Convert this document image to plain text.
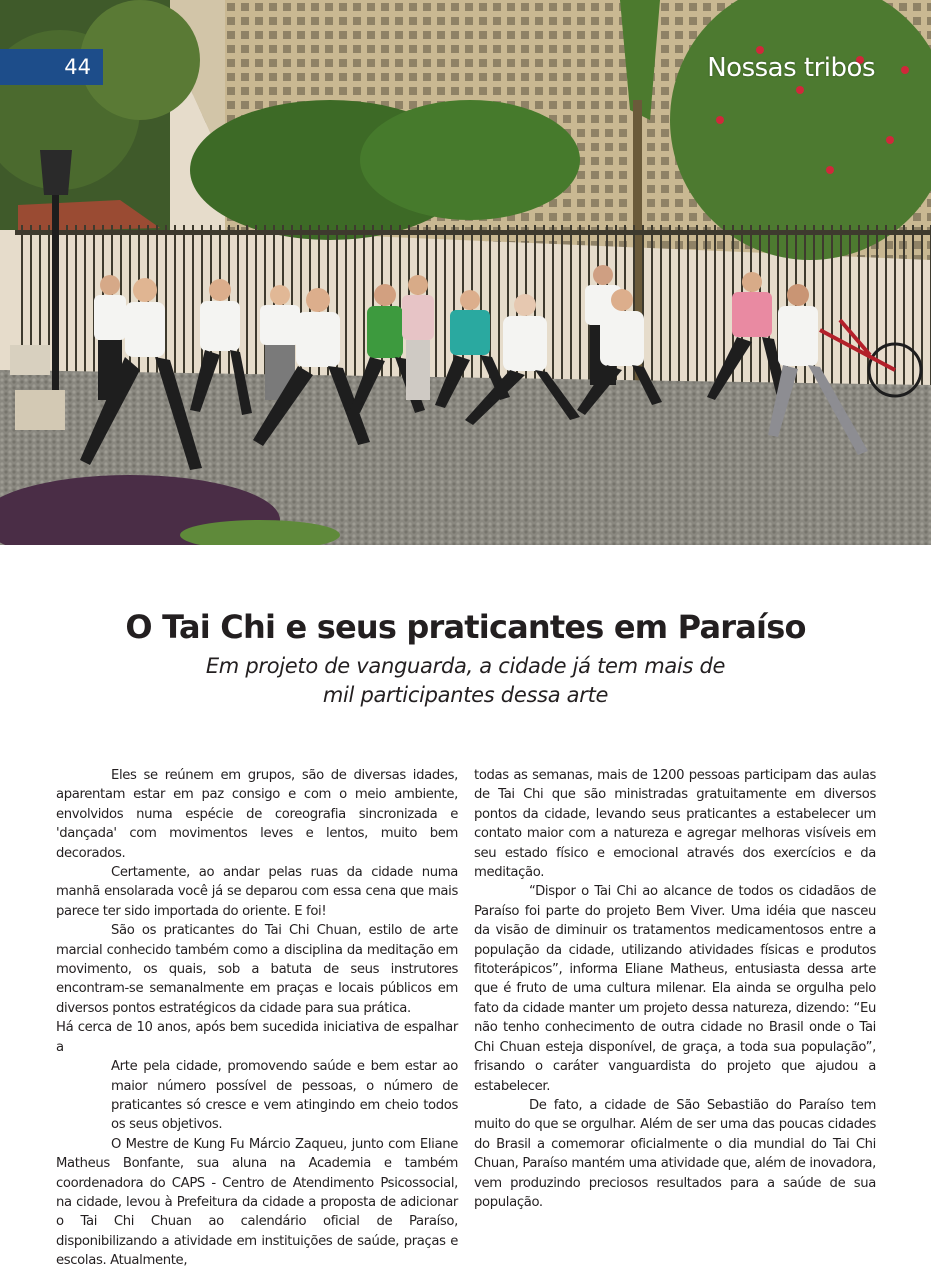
44	Nossas tribos
O Tai Chi e seus praticantes em Paraíso
Em projeto de vanguarda, a cidade já tem mais de
mil participantes dessa arte

Eles se reúnem em grupos, são de diversas idades, aparentam estar em paz consigo e com o meio ambiente, envolvidos numa espécie de coreografia sincronizada e 'dançada' com movimentos leves e lentos, muito bem decorados.

Certamente, ao andar pelas ruas da cidade numa manhã ensolarada você já se deparou com essa cena que mais parece ter sido importada do oriente. E foi!

São os praticantes do Tai Chi Chuan, estilo de arte marcial conhecido também como a disciplina da meditação em movimento, os quais, sob a batuta de seus instrutores encontram-se semanalmente em praças e locais públicos em diversos pontos estratégicos da cidade para sua prática.

Há cerca de 10 anos, após bem sucedida iniciativa de espalhar a
Arte pela cidade, promovendo saúde e bem estar ao maior número possível de pessoas, o número de praticantes só cresce e vem atingindo em cheio todos os seus objetivos.

O Mestre de Kung Fu Márcio Zaqueu, junto com Eliane Matheus Bonfante, sua aluna na Academia e também coordenadora do CAPS - Centro de Atendimento Psicossocial, na cidade, levou à Prefeitura da cidade a proposta de adicionar o Tai Chi Chuan ao calendário oficial de Paraíso, disponibilizando a atividade em instituições de saúde, praças e escolas. Atualmente,

todas as semanas, mais de 1200 pessoas participam das aulas de Tai Chi que são ministradas gratuitamente em diversos pontos da cidade, levando seus praticantes a estabelecer um contato maior com a natureza e agregar melhoras visíveis em seu estado físico e emocional através dos exercícios e da meditação.

“Dispor o Tai Chi ao alcance de todos os cidadãos de Paraíso foi parte do projeto Bem Viver. Uma idéia que nasceu da visão de diminuir os tratamentos medicamentosos entre a população da cidade, utilizando atividades físicas e produtos fitoterápicos”, informa Eliane Matheus, entusiasta dessa arte que é fruto de uma cultura milenar. Ela ainda se orgulha pelo fato da cidade manter um projeto dessa natureza, dizendo: “Eu não tenho conhecimento de outra cidade no Brasil onde o Tai Chi Chuan esteja disponível, de graça, a toda sua população”, frisando o caráter vanguardista do projeto que ajudou a estabelecer.

De fato, a cidade de São Sebastião do Paraíso tem muito do que se orgulhar. Além de ser uma das poucas cidades do Brasil a comemorar oficialmente o dia mundial do Tai Chi Chuan, Paraíso mantém uma atividade que, além de inovadora, vem produzindo preciosos resultados para a saúde de sua população.
